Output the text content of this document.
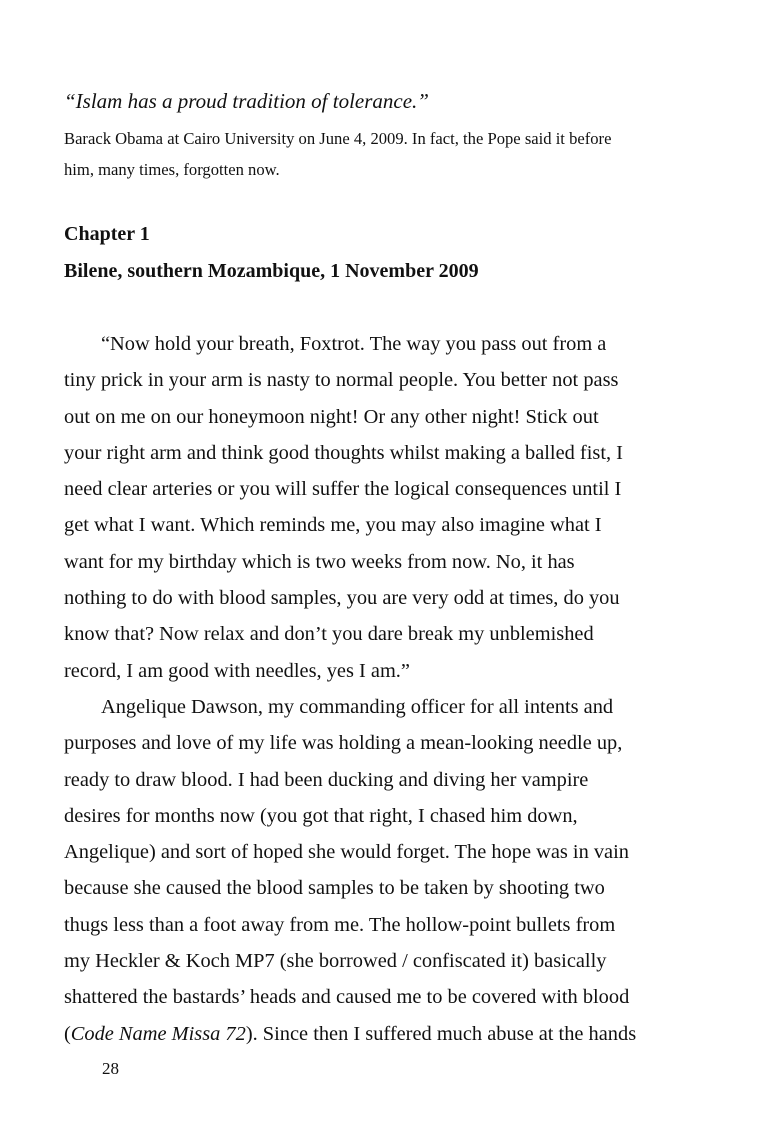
“Islam has a proud tradition of tolerance.”

Barack Obama at Cairo University on June 4, 2009. In fact, the Pope said it before
him, many times, forgotten now.

Chapter 1
Bilene, southern Mozambique, 1 November 2009
“Now hold your breath, Foxtrot. The way you pass out from a
tiny prick in your arm is nasty to normal people. You better not pass
out on me on our honeymoon night! Or any other night! Stick out
your right arm and think good thoughts whilst making a balled fist, I
need clear arteries or you will suffer the logical consequences until I
get what I want. Which reminds me, you may also imagine what I
want for my birthday which is two weeks from now. No, it has
nothing to do with blood samples, you are very odd at times, do you
know that? Now relax and don’t you dare break my unblemished
record, I am good with needles, yes I am.”
Angelique Dawson, my commanding officer for all intents and
purposes and love of my life was holding a mean-looking needle up,
ready to draw blood. I had been ducking and diving her vampire
desires for months now (you got that right, I chased him down,
Angelique) and sort of hoped she would forget. The hope was in vain
because she caused the blood samples to be taken by shooting two
thugs less than a foot away from me. The hollow-point bullets from
my Heckler & Koch MP7 (she borrowed / confiscated it) basically
shattered the bastards’ heads and caused me to be covered with blood
(Code Name Missa 72). Since then I suffered much abuse at the hands

28
